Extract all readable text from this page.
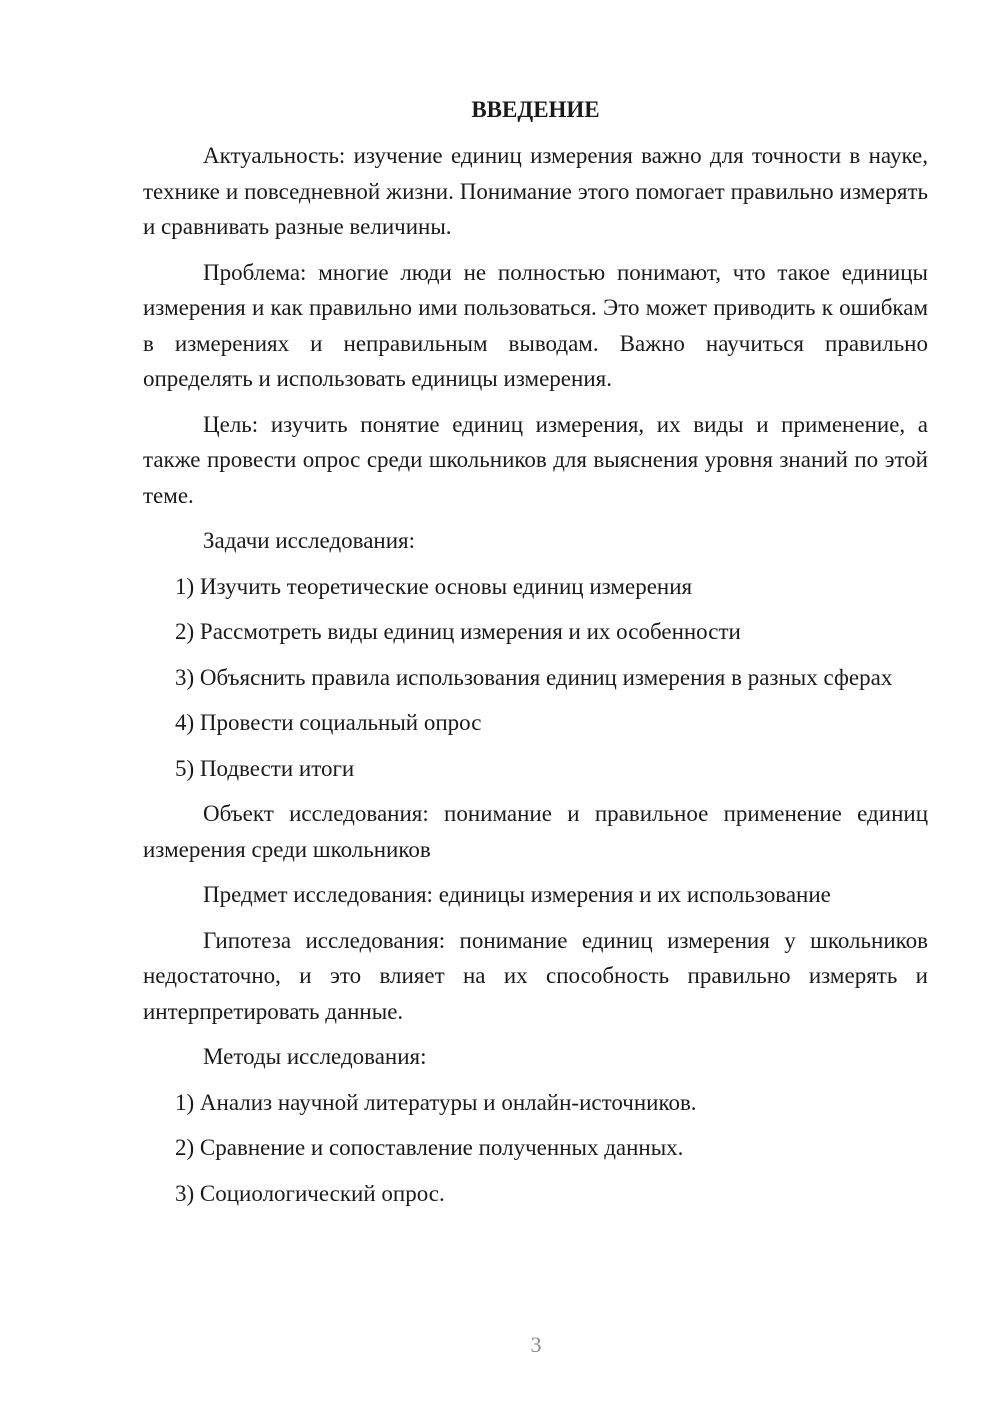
ВВЕДЕНИЕ
Актуальность: изучение единиц измерения важно для точности в науке, технике и повседневной жизни. Понимание этого помогает правильно измерять и сравнивать разные величины.
Проблема: многие люди не полностью понимают, что такое единицы измерения и как правильно ими пользоваться. Это может приводить к ошибкам в измерениях и неправильным выводам. Важно научиться правильно определять и использовать единицы измерения.
Цель: изучить понятие единиц измерения, их виды и применение, а также провести опрос среди школьников для выяснения уровня знаний по этой теме.
Задачи исследования:
1) Изучить теоретические основы единиц измерения
2) Рассмотреть виды единиц измерения и их особенности
3) Объяснить правила использования единиц измерения в разных сферах
4) Провести социальный опрос
5) Подвести итоги
Объект исследования: понимание и правильное применение единиц измерения среди школьников
Предмет исследования: единицы измерения и их использование
Гипотеза исследования: понимание единиц измерения у школьников недостаточно, и это влияет на их способность правильно измерять и интерпретировать данные.
Методы исследования:
1) Анализ научной литературы и онлайн-источников.
2) Сравнение и сопоставление полученных данных.
3) Социологический опрос.
3
